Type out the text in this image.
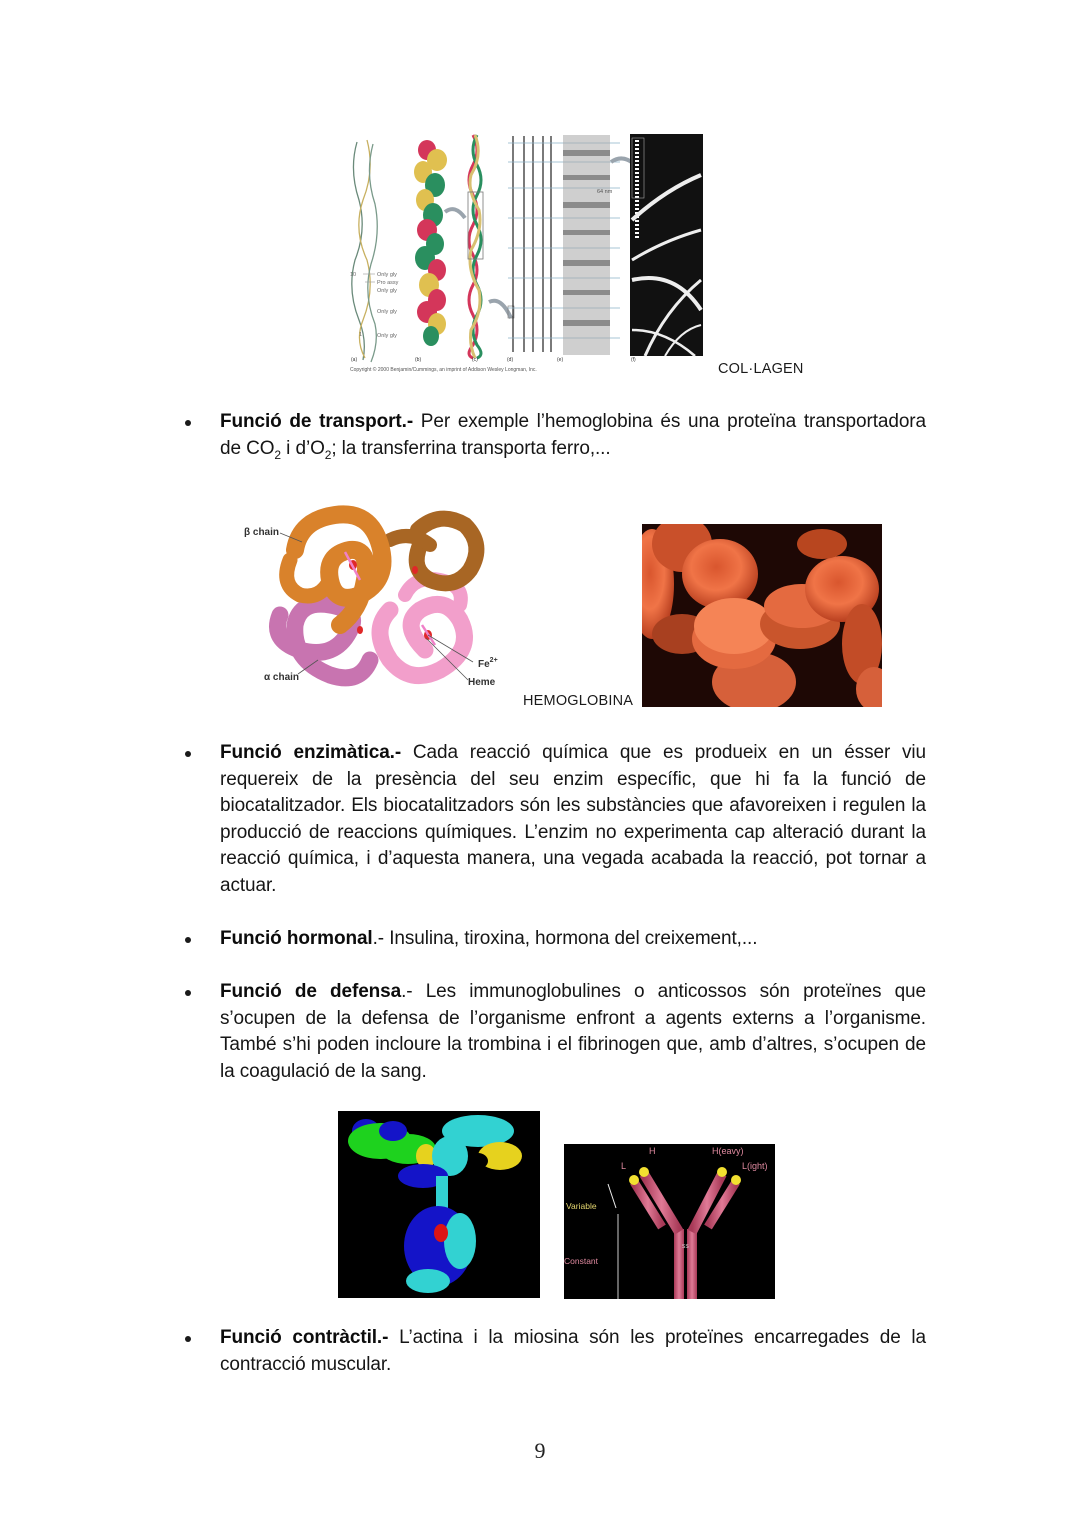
10	Only gly
Pro assy
Only gly
Only gly
1	Only gly
64 nm
(a)	(b)	(c)	(d)	(e)	(f)
Copyright © 2000 Benjamin/Cummings, an imprint of Addison Wesley Longman, Inc.	COL·LAGEN
Funció de transport.- Per exemple l’hemoglobina és una proteïna transportadora de $CO_2$ i $d’O_2$; la transferrina transporta ferro,...
β chain
α chain
$Fe^{2+}$
Heme
HEMOGLOBINA
Funció enzimàtica.- Cada reacció química que es produeix en un ésser viu requereix de la presència del seu enzim específic, que hi fa la funció de biocatalitzador. Els biocatalitzadors són les substàncies que afavoreixen i regulen la producció de reaccions químiques. L’enzim no experimenta cap alteració durant la reacció química, i d’aquesta manera, una vegada acabada la reacció, pot tornar a actuar.
Funció hormonal.- Insulina, tiroxina, hormona del creixement,...
Funció de defensa.- Les immunoglobulines o anticossos són proteïnes que s’ocupen de la defensa de l’organisme enfront a agents externs a l’organisme. També s’hi poden incloure la trombina i el fibrinogen que, amb d’altres, s’ocupen de la coagulació de la sang.
H	H(eavy)
L	L(ight)
Variable
Constant
SS
Funció contràctil.- L’actina i la miosina són les proteïnes encarregades de la contracció muscular.
9
